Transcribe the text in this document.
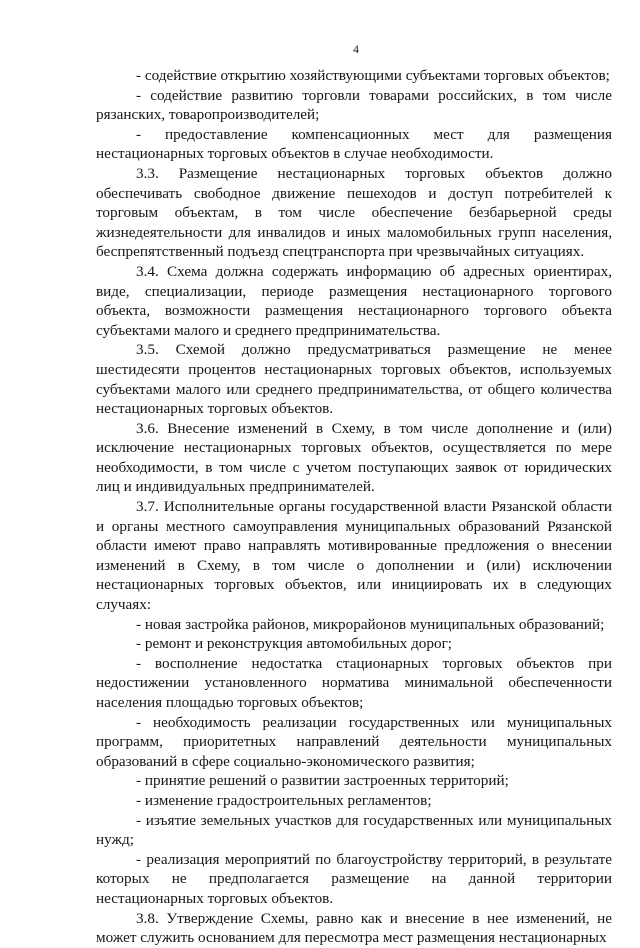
4

- содействие открытию хозяйствующими субъектами торговых объектов;

- содействие развитию торговли товарами российских, в том числе рязанских, товаропроизводителей;

- предоставление компенсационных мест для размещения нестационарных торговых объектов в случае необходимости.

3.3. Размещение нестационарных торговых объектов должно обеспечивать свободное движение пешеходов и доступ потребителей к торговым объектам, в том числе обеспечение безбарьерной среды жизнедеятельности для инвалидов и иных маломобильных групп населения, беспрепятственный подъезд спецтранспорта при чрезвычайных ситуациях.

3.4. Схема должна содержать информацию об адресных ориентирах, виде, специализации, периоде размещения нестационарного торгового объекта, возможности размещения нестационарного торгового объекта субъектами малого и среднего предпринимательства.

3.5. Схемой должно предусматриваться размещение не менее шестидесяти процентов нестационарных торговых объектов, используемых субъектами малого или среднего предпринимательства, от общего количества нестационарных торговых объектов.

3.6. Внесение изменений в Схему, в том числе дополнение и (или) исключение нестационарных торговых объектов, осуществляется по мере необходимости, в том числе с учетом поступающих заявок от юридических лиц и индивидуальных предпринимателей.

3.7. Исполнительные органы государственной власти Рязанской области и органы местного самоуправления муниципальных образований Рязанской области имеют право направлять мотивированные предложения о внесении изменений в Схему, в том числе о дополнении и (или) исключении нестационарных торговых объектов, или инициировать их в следующих случаях:

- новая застройка районов, микрорайонов муниципальных образований;

- ремонт и реконструкция автомобильных дорог;

- восполнение недостатка стационарных торговых объектов при недостижении установленного норматива минимальной обеспеченности населения площадью торговых объектов;

- необходимость реализации государственных или муниципальных программ, приоритетных направлений деятельности муниципальных образований в сфере социально-экономического развития;

- принятие решений о развитии застроенных территорий;

- изменение градостроительных регламентов;

- изъятие земельных участков для государственных или муниципальных нужд;

- реализация мероприятий по благоустройству территорий, в результате которых не предполагается размещение на данной территории нестационарных торговых объектов.

3.8. Утверждение Схемы, равно как и внесение в нее изменений, не может служить основанием для пересмотра мест размещения нестационарных
